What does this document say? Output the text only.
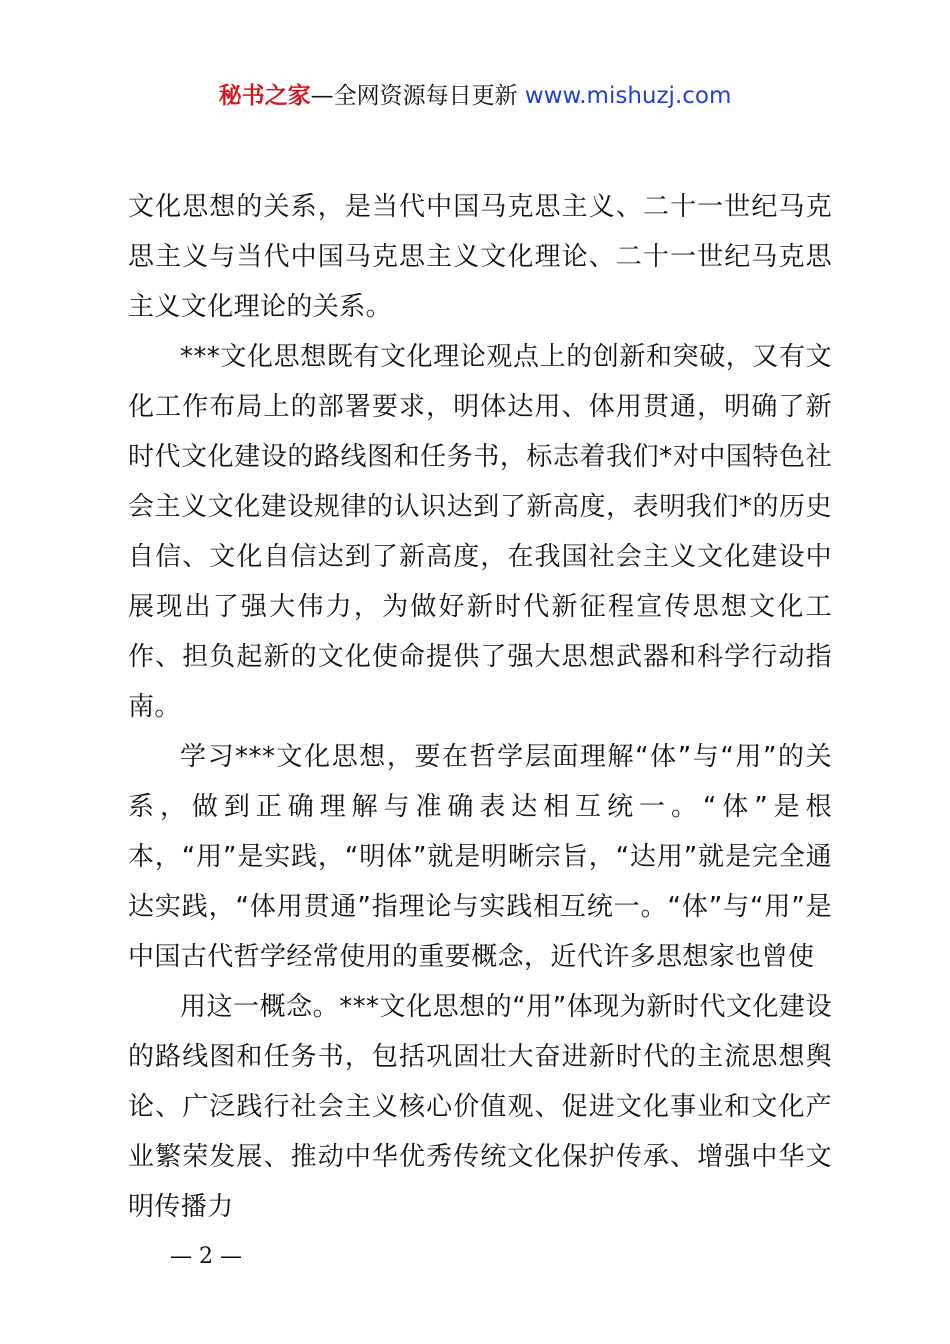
秘书之家—全网资源每日更新 www.mishuzj.com

文化思想的关系，是当代中国马克思主义、二十一世纪马克思主义与当代中国马克思主义文化理论、二十一世纪马克思主义文化理论的关系。

***文化思想既有文化理论观点上的创新和突破，又有文化工作布局上的部署要求，明体达用、体用贯通，明确了新时代文化建设的路线图和任务书，标志着我们*对中国特色社会主义文化建设规律的认识达到了新高度，表明我们*的历史自信、文化自信达到了新高度，在我国社会主义文化建设中展现出了强大伟力，为做好新时代新征程宣传思想文化工作、担负起新的文化使命提供了强大思想武器和科学行动指南。

学习***文化思想，要在哲学层面理解“体”与“用”的关系，做到正确理解与准确表达相互统一。“体”是根本，“用”是实践，“明体”就是明晰宗旨，“达用”就是完全通达实践，“体用贯通”指理论与实践相互统一。“体”与“用”是中国古代哲学经常使用的重要概念，近代许多思想家也曾使

用这一概念。***文化思想的“用”体现为新时代文化建设的路线图和任务书，包括巩固壮大奋进新时代的主流思想舆论、广泛践行社会主义核心价值观、促进文化事业和文化产业繁荣发展、推动中华优秀传统文化保护传承、增强中华文明传播力

— 2 —
